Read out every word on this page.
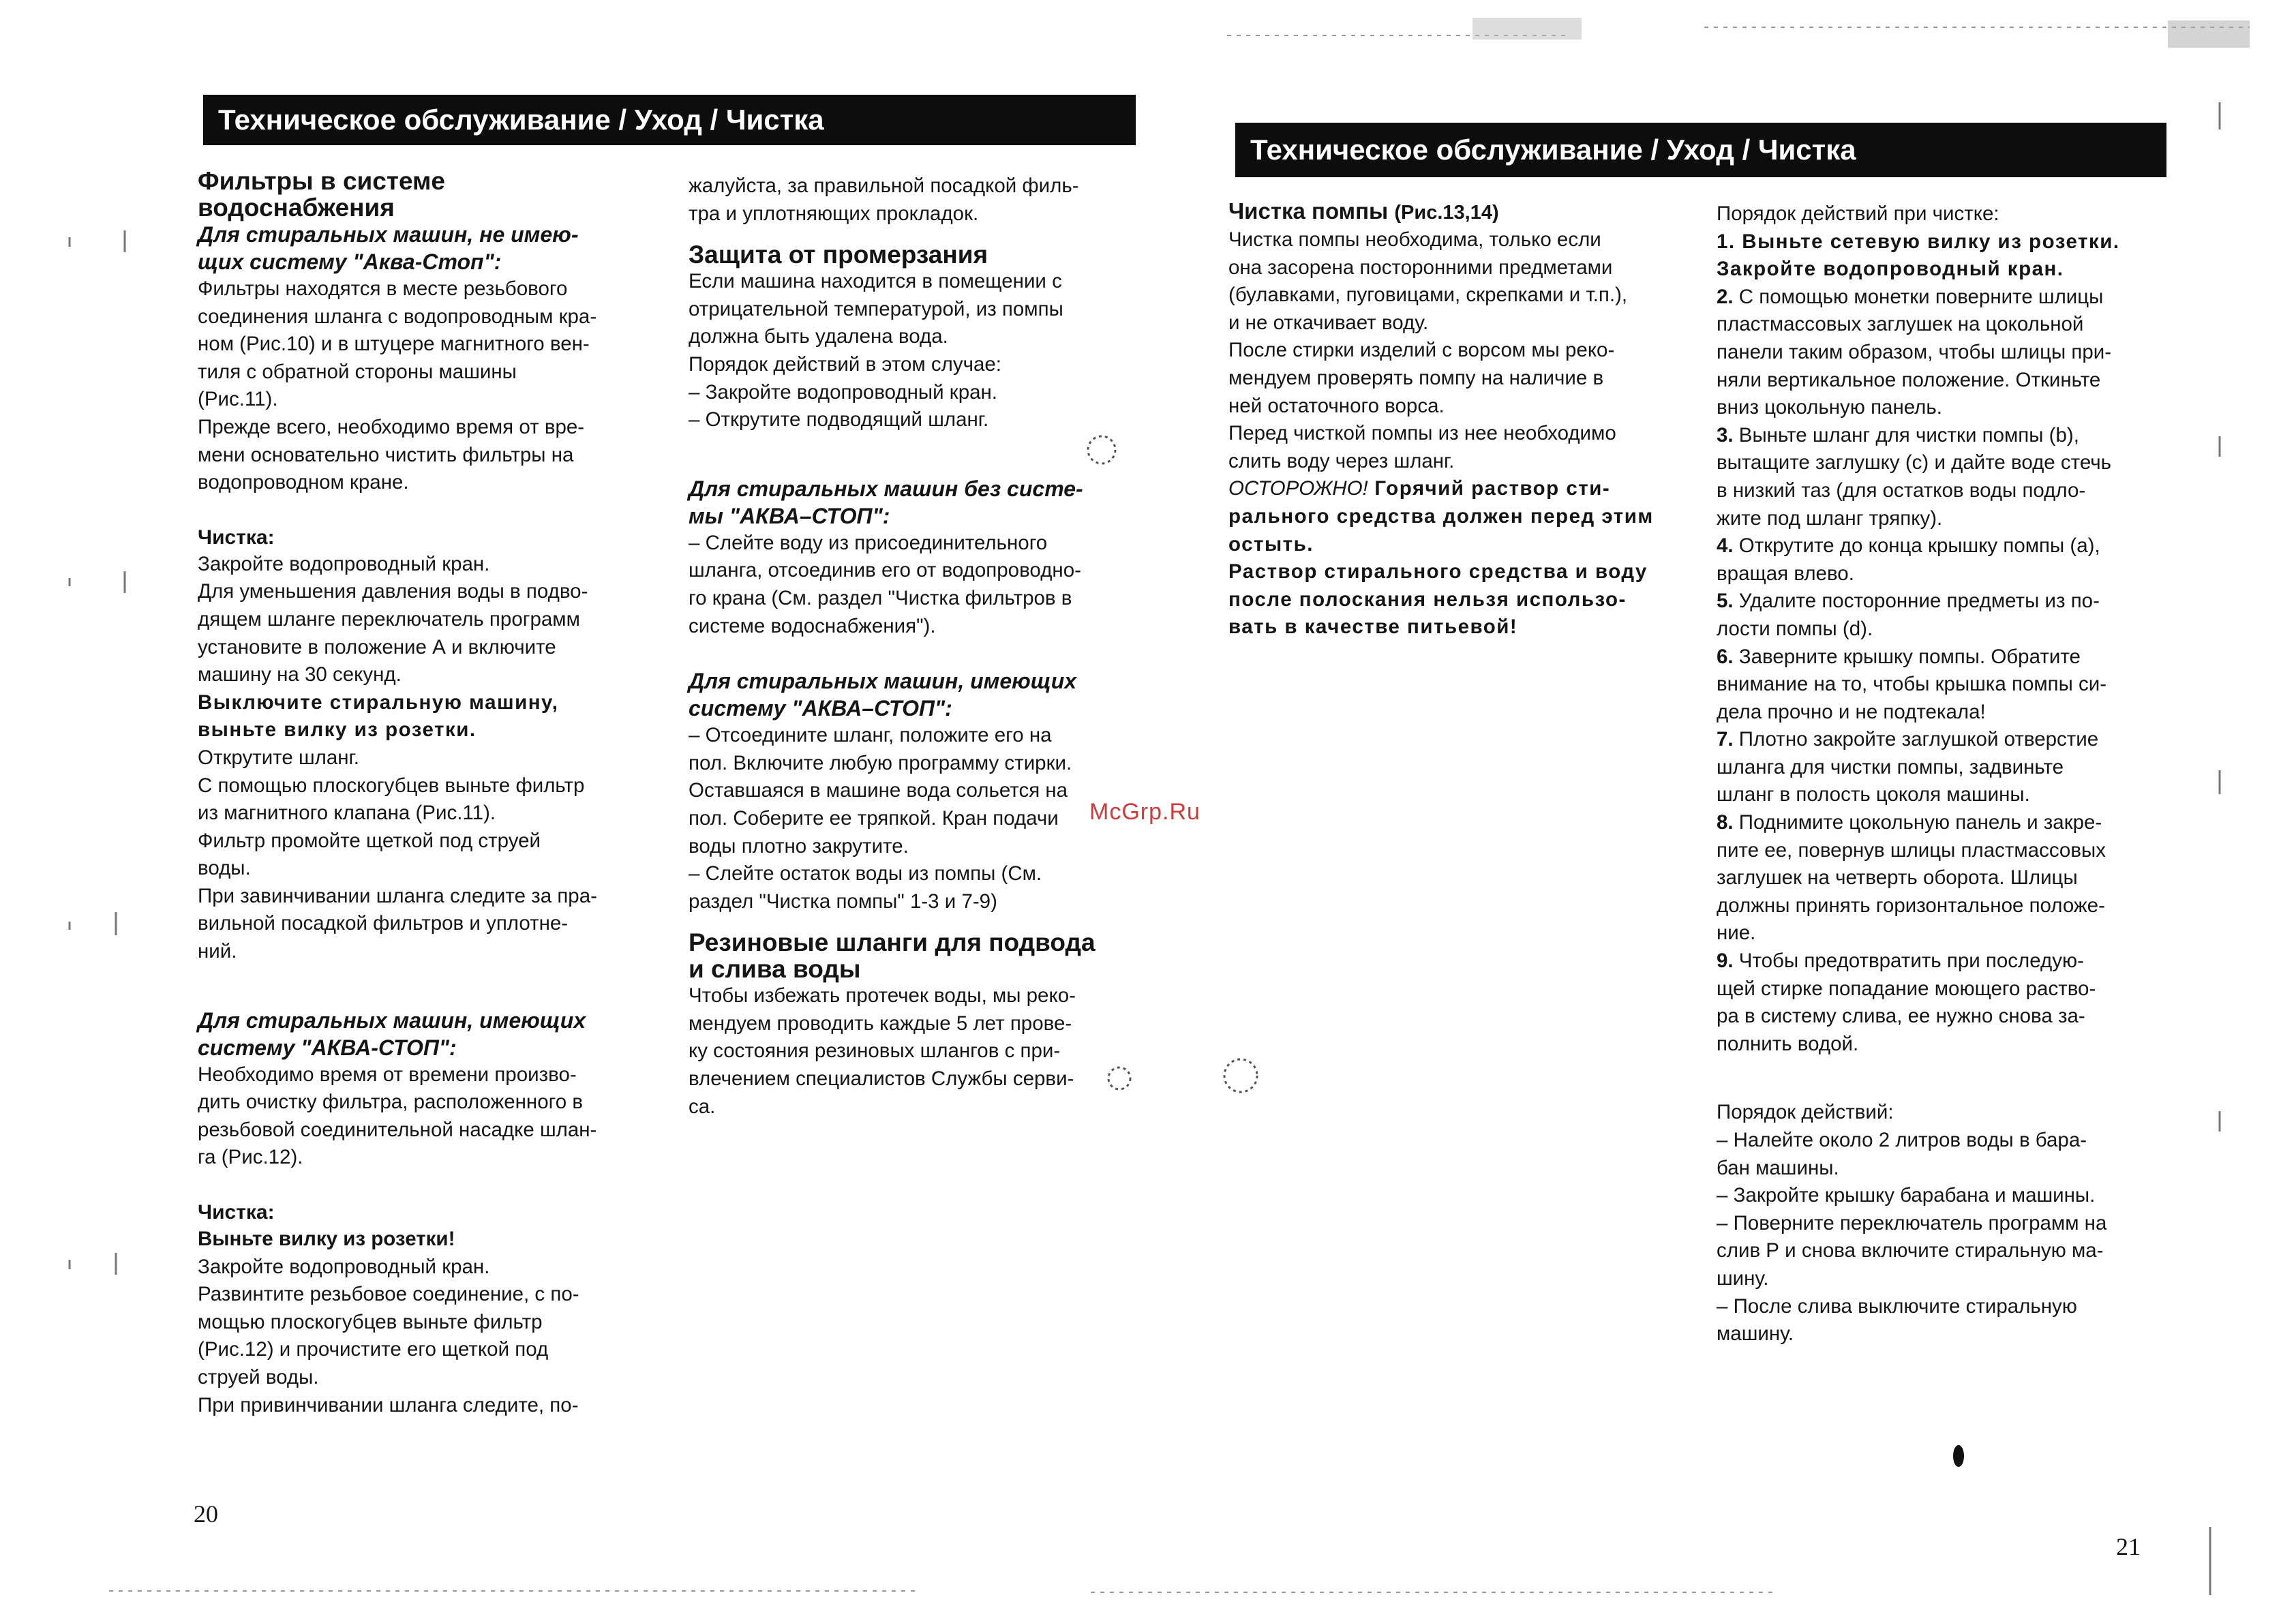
Техническое обслуживание / Уход / Чистка
Техническое обслуживание / Уход / Чистка

Фильтры в системе

водоснабжения

Для стиральных машин, не имею-

щих систему "Аква-Стоп":

Фильтры находятся в месте резьбового

соединения шланга с водопроводным кра-

ном (Рис.10) и в штуцере магнитного вен-

тиля с обратной стороны машины

(Рис.11).

Прежде всего, необходимо время от вре-

мени основательно чистить фильтры на

водопроводном кране.

Чистка:

Закройте водопроводный кран.

Для уменьшения давления воды в подво-

дящем шланге переключатель программ

установите в положение А и включите

машину на 30 секунд.

Выключите стиральную машину,

выньте вилку из розетки.

Открутите шланг.

С помощью плоскогубцев выньте фильтр

из магнитного клапана (Рис.11).

Фильтр промойте щеткой под струей

воды.

При завинчивании шланга следите за пра-

вильной посадкой фильтров и уплотне-

ний.

Для стиральных машин, имеющих

систему "АКВА-СТОП":

Необходимо время от времени произво-

дить очистку фильтра, расположенного в

резьбовой соединительной насадке шлан-

га (Рис.12).

Чистка:

Выньте вилку из розетки!

Закройте водопроводный кран.

Развинтите резьбовое соединение, с по-

мощью плоскогубцев выньте фильтр

(Рис.12) и прочистите его щеткой под

струей воды.

При привинчивании шланга следите, по-

жалуйста, за правильной посадкой филь-

тра и уплотняющих прокладок.

Защита от промерзания

Если машина находится в помещении с

отрицательной температурой, из помпы

должна быть удалена вода.

Порядок действий в этом случае:

– Закройте водопроводный кран.

– Открутите подводящий шланг.

Для стиральных машин без систе-

мы "АКВА–СТОП":

– Слейте воду из присоединительного

шланга, отсоединив его от водопроводно-

го крана (См. раздел "Чистка фильтров в

системе водоснабжения").

Для стиральных машин, имеющих

систему "АКВА–СТОП":

– Отсоедините шланг, положите его на

пол. Включите любую программу стирки.

Оставшаяся в машине вода сольется на

пол. Соберите ее тряпкой. Кран подачи

воды плотно закрутите.

– Слейте остаток воды из помпы (См.

раздел "Чистка помпы" 1-3 и 7-9)

Резиновые шланги для подвода

и слива воды

Чтобы избежать протечек воды, мы реко-

мендуем проводить каждые 5 лет прове-

ку состояния резиновых шлангов с при-

влечением специалистов Службы серви-

са.

Чистка помпы (Рис.13,14)

Чистка помпы необходима, только если

она засорена посторонними предметами

(булавками, пуговицами, скрепками и т.п.),

и не откачивает воду.

После стирки изделий с ворсом мы реко-

мендуем проверять помпу на наличие в

ней остаточного ворса.

Перед чисткой помпы из нее необходимо

слить воду через шланг.

ОСТОРОЖНО! Горячий раствор сти-

рального средства должен перед этим

остыть.

Раствор стирального средства и воду

после полоскания нельзя использо-

вать в качестве питьевой!

Порядок действий при чистке:

1. Выньте сетевую вилку из розетки.

Закройте водопроводный кран.

2. С помощью монетки поверните шлицы

пластмассовых заглушек на цокольной

панели таким образом, чтобы шлицы при-

няли вертикальное положение. Откиньте

вниз цокольную панель.

3. Выньте шланг для чистки помпы (b),

вытащите заглушку (c) и дайте воде стечь

в низкий таз (для остатков воды подло-

жите под шланг тряпку).

4. Открутите до конца крышку помпы (а),

вращая влево.

5. Удалите посторонние предметы из по-

лости помпы (d).

6. Заверните крышку помпы. Обратите

внимание на то, чтобы крышка помпы си-

дела прочно и не подтекала!

7. Плотно закройте заглушкой отверстие

шланга для чистки помпы, задвиньте

шланг в полость цоколя машины.

8. Поднимите цокольную панель и закре-

пите ее, повернув шлицы пластмассовых

заглушек на четверть оборота. Шлицы

должны принять горизонтальное положе-

ние.

9. Чтобы предотвратить при последую-

щей стирке попадание моющего раство-

ра в систему слива, ее нужно снова за-

полнить водой.

Порядок действий:

– Налейте около 2 литров воды в бара-

бан машины.

– Закройте крышку барабана и машины.

– Поверните переключатель программ на

слив Р и снова включите стиральную ма-

шину.

– После слива выключите стиральную

машину.

McGrp.Ru
20
21
